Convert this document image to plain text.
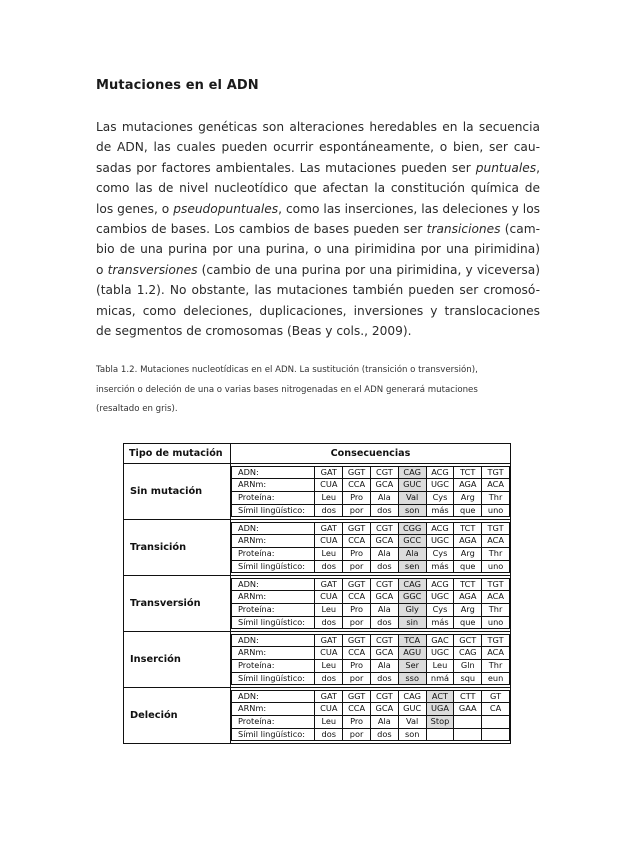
Mutaciones en el ADN

Las mutaciones genéticas son alteraciones heredables en la secuencia
de ADN, las cuales pueden ocurrir espontáneamente, o bien, ser cau-
sadas por factores ambientales. Las mutaciones pueden ser puntuales,
como las de nivel nucleotídico que afectan la constitución química de
los genes, o pseudopuntuales, como las inserciones, las deleciones y los
cambios de bases. Los cambios de bases pueden ser transiciones (cam-
bio de una purina por una purina, o una pirimidina por una pirimidina)
o transversiones (cambio de una purina por una pirimidina, y viceversa)
(tabla 1.2). No obstante, las mutaciones también pueden ser cromosó-
micas, como deleciones, duplicaciones, inversiones y translocaciones
de segmentos de cromosomas (Beas y cols., 2009).

Tabla 1.2. Mutaciones nucleotídicas en el ADN. La sustitución (transición o transversión),
inserción o deleción de una o varias bases nitrogenadas en el ADN generará mutaciones
(resaltado en gris).

Tipo de mutación	Consecuencias
Sin mutación	
ADN:	GAT	GGT	CGT	CAG	ACG	TCT	TGT
ARNm:	CUA	CCA	GCA	GUC	UGC	AGA	ACA
Proteína:	Leu	Pro	Ala	Val	Cys	Arg	Thr
Símil lingüístico:	dos	por	dos	son	más	que	uno

Transición	
ADN:	GAT	GGT	CGT	CGG	ACG	TCT	TGT
ARNm:	CUA	CCA	GCA	GCC	UGC	AGA	ACA
Proteína:	Leu	Pro	Ala	Ala	Cys	Arg	Thr
Símil lingüístico:	dos	por	dos	sen	más	que	uno

Transversión	
ADN:	GAT	GGT	CGT	CAG	ACG	TCT	TGT
ARNm:	CUA	CCA	GCA	GGC	UGC	AGA	ACA
Proteína:	Leu	Pro	Ala	Gly	Cys	Arg	Thr
Símil lingüístico:	dos	por	dos	sin	más	que	uno

Inserción	
ADN:	GAT	GGT	CGT	TCA	GAC	GCT	TGT
ARNm:	CUA	CCA	GCA	AGU	UGC	CAG	ACA
Proteína:	Leu	Pro	Ala	Ser	Leu	Gln	Thr
Símil lingüístico:	dos	por	dos	sso	nmá	squ	eun

Deleción	
ADN:	GAT	GGT	CGT	CAG	ACT	CTT	GT
ARNm:	CUA	CCA	GCA	GUC	UGA	GAA	CA
Proteína:	Leu	Pro	Ala	Val	Stop		
Símil lingüístico:	dos	por	dos	son			
